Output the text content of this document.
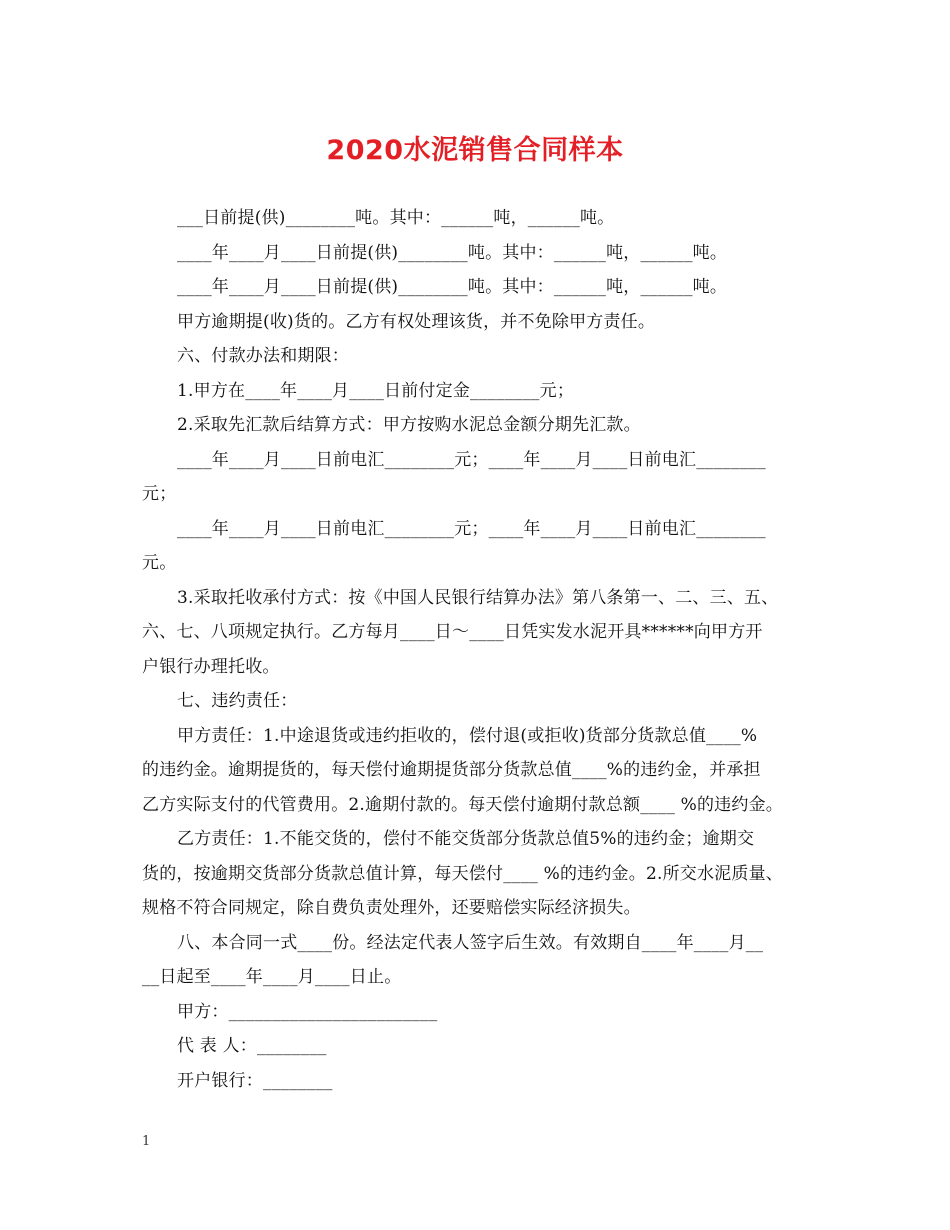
2020水泥销售合同样本
___日前提(供)________吨。其中：______吨，______吨。
____年____月____日前提(供)________吨。其中：______吨，______吨。
____年____月____日前提(供)________吨。其中：______吨，______吨。
甲方逾期提(收)货的。乙方有权处理该货，并不免除甲方责任。
六、付款办法和期限：
1.甲方在____年____月____日前付定金________元；
2.采取先汇款后结算方式：甲方按购水泥总金额分期先汇款。
____年____月____日前电汇________元；____年____月____日前电汇________
元；
____年____月____日前电汇________元；____年____月____日前电汇________
元。
3.采取托收承付方式：按《中国人民银行结算办法》第八条第一、二、三、五、
六、七、八项规定执行。乙方每月____日～____日凭实发水泥开具******向甲方开
户银行办理托收。
七、违约责任：
甲方责任：1.中途退货或违约拒收的，偿付退(或拒收)货部分货款总值____%
的违约金。逾期提货的，每天偿付逾期提货部分货款总值____%的违约金，并承担
乙方实际支付的代管费用。2.逾期付款的。每天偿付逾期付款总额____ %的违约金。
乙方责任：1.不能交货的，偿付不能交货部分货款总值5%的违约金；逾期交
货的，按逾期交货部分货款总值计算，每天偿付____ %的违约金。2.所交水泥质量、
规格不符合同规定，除自费负责处理外，还要赔偿实际经济损失。
八、本合同一式____份。经法定代表人签字后生效。有效期自____年____月__
__日起至____年____月____日止。
甲方：________________________
代 表 人：________
开户银行：________
1
